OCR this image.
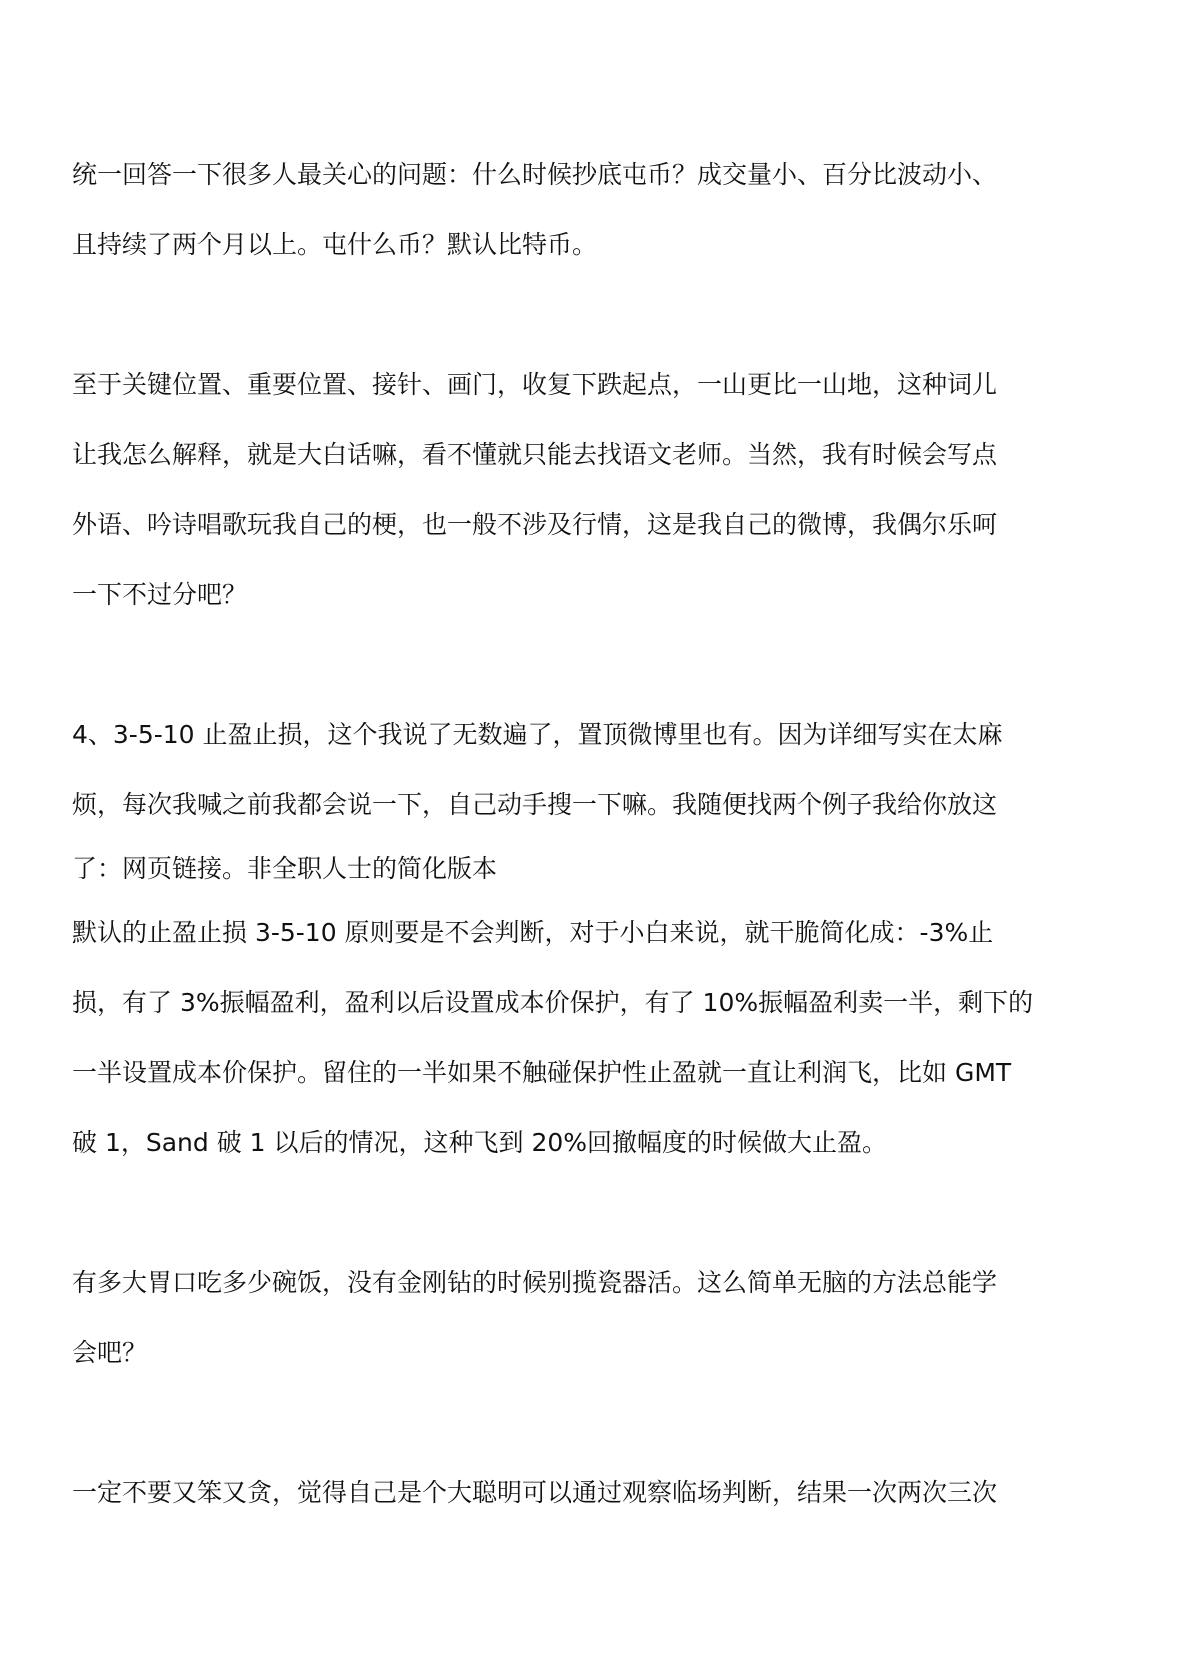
统一回答一下很多人最关心的问题：什么时候抄底屯币？成交量小、百分比波动小、
且持续了两个月以上。屯什么币？默认比特币。
至于关键位置、重要位置、接针、画门，收复下跌起点，一山更比一山地，这种词儿
让我怎么解释，就是大白话嘛，看不懂就只能去找语文老师。当然，我有时候会写点
外语、吟诗唱歌玩我自己的梗，也一般不涉及行情，这是我自己的微博，我偶尔乐呵
一下不过分吧？
4、3-5-10 止盈止损，这个我说了无数遍了，置顶微博里也有。因为详细写实在太麻
烦，每次我喊之前我都会说一下，自己动手搜一下嘛。我随便找两个例子我给你放这
了：网页链接。非全职人士的简化版本
默认的止盈止损 3-5-10 原则要是不会判断，对于小白来说，就干脆简化成：-3%止
损，有了 3%振幅盈利，盈利以后设置成本价保护，有了 10%振幅盈利卖一半，剩下的
一半设置成本价保护。留住的一半如果不触碰保护性止盈就一直让利润飞，比如 GMT
破 1，Sand 破 1 以后的情况，这种飞到 20%回撤幅度的时候做大止盈。
有多大胃口吃多少碗饭，没有金刚钻的时候别揽瓷器活。这么简单无脑的方法总能学
会吧？
一定不要又笨又贪，觉得自己是个大聪明可以通过观察临场判断，结果一次两次三次
